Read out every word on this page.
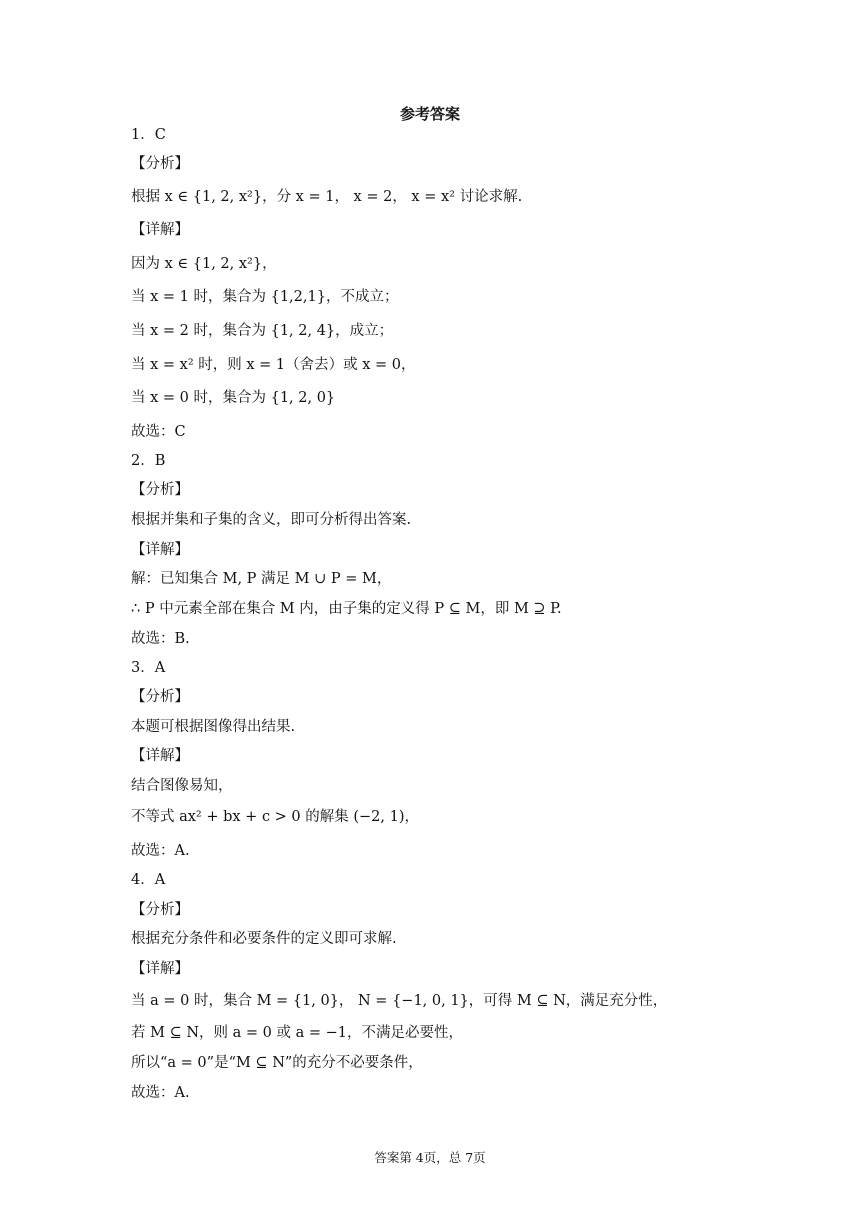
参考答案
1．C
【分析】
根据 x ∈ {1, 2, x²}，分 x = 1， x = 2， x = x² 讨论求解.
【详解】
因为 x ∈ {1, 2, x²}，
当 x = 1 时，集合为 {1,2,1}，不成立；
当 x = 2 时，集合为 {1, 2, 4}，成立；
当 x = x² 时，则 x = 1（舍去）或 x = 0，
当 x = 0 时，集合为 {1, 2, 0}
故选：C
2．B
【分析】
根据并集和子集的含义，即可分析得出答案.
【详解】
解：已知集合 M, P 满足 M ∪ P = M，
∴ P 中元素全部在集合 M 内，由子集的定义得 P ⊆ M，即 M ⊇ P.
故选：B.
3．A
【分析】
本题可根据图像得出结果.
【详解】
结合图像易知，
不等式 ax² + bx + c > 0 的解集 (−2, 1)，
故选：A.
4．A
【分析】
根据充分条件和必要条件的定义即可求解.
【详解】
当 a = 0 时，集合 M = {1, 0}， N = {−1, 0, 1}，可得 M ⊆ N，满足充分性，
若 M ⊆ N，则 a = 0 或 a = −1，不满足必要性，
所以“a = 0”是“M ⊆ N”的充分不必要条件，
故选：A.
答案第 4页，总 7页
